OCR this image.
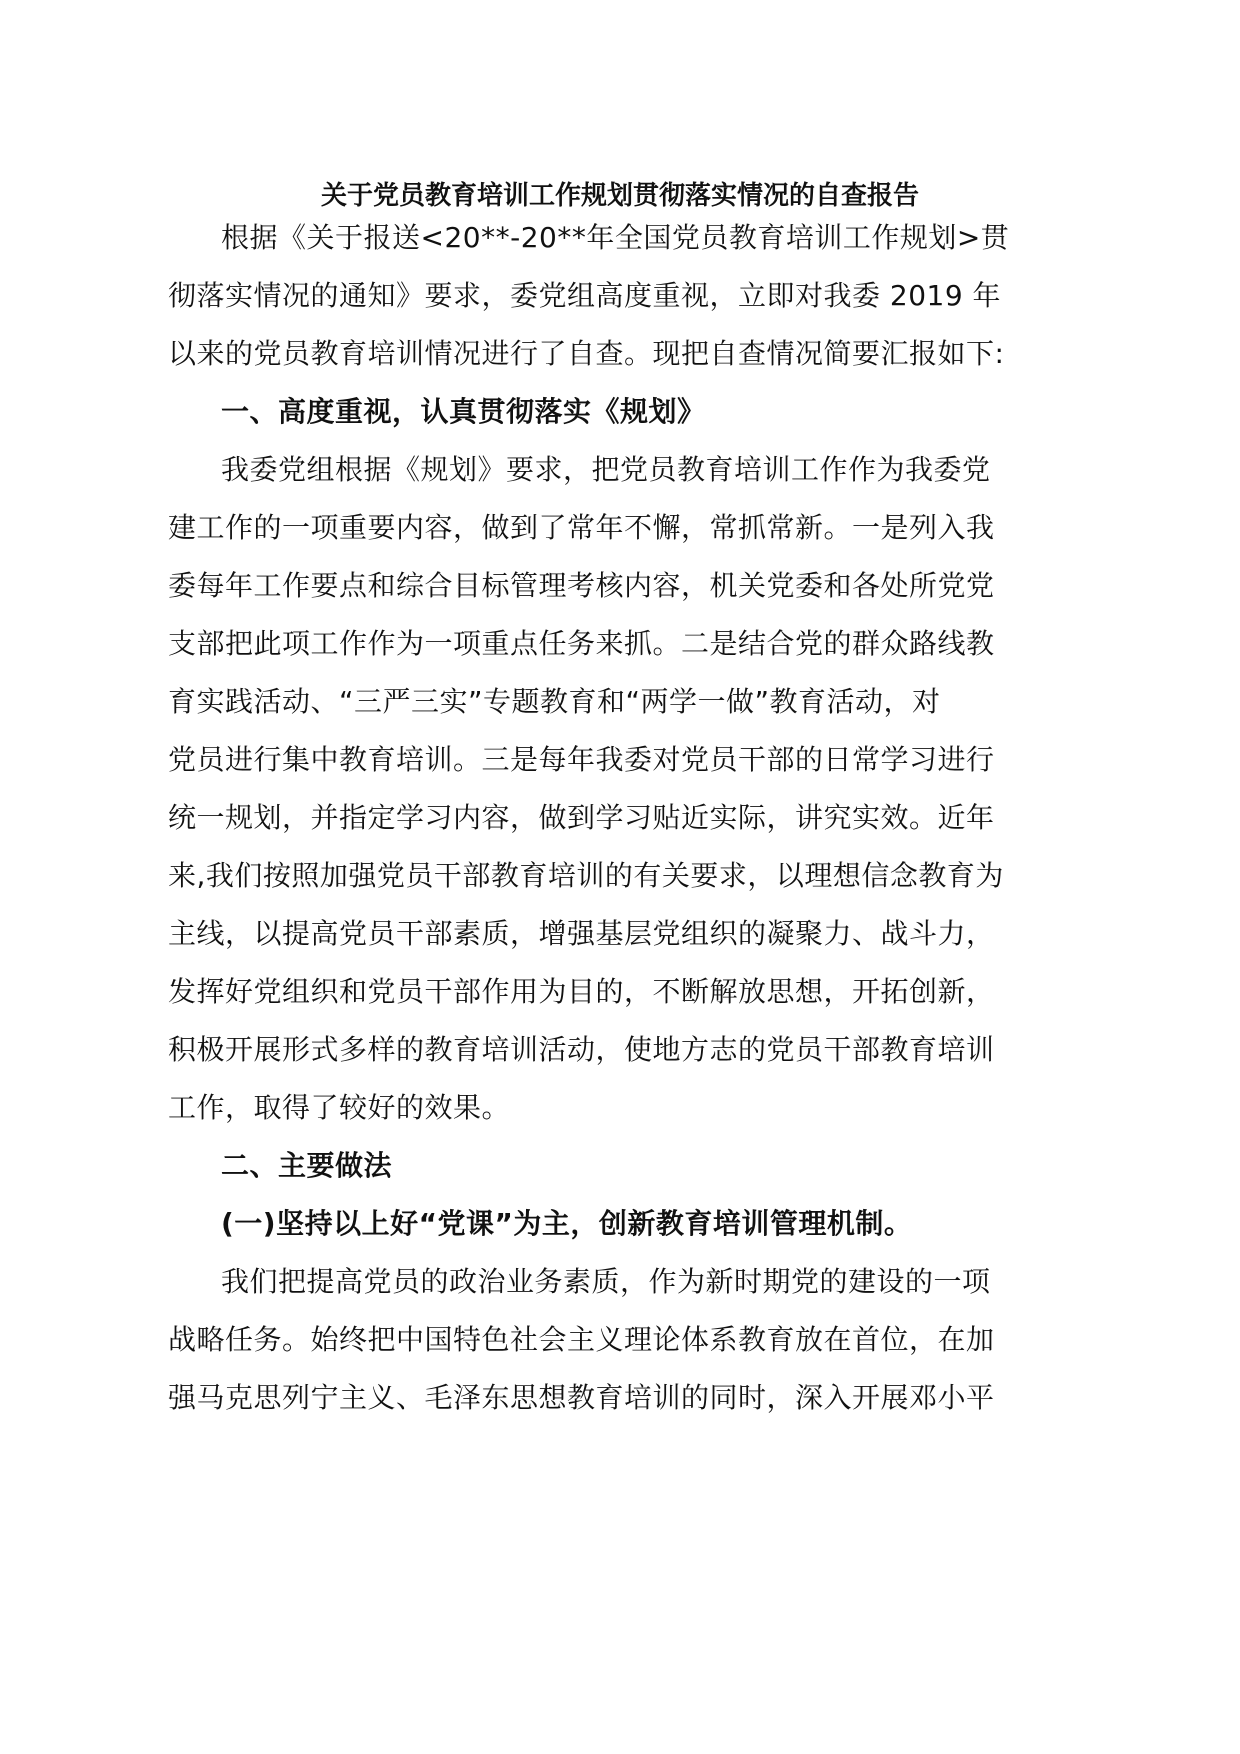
关于党员教育培训工作规划贯彻落实情况的自查报告
根据《关于报送<20**-20**年全国党员教育培训工作规划>贯
彻落实情况的通知》要求，委党组高度重视，立即对我委 2019 年
以来的党员教育培训情况进行了自查。现把自查情况简要汇报如下:
一、高度重视，认真贯彻落实《规划》
我委党组根据《规划》要求，把党员教育培训工作作为我委党
建工作的一项重要内容，做到了常年不懈，常抓常新。一是列入我
委每年工作要点和综合目标管理考核内容，机关党委和各处所党党
支部把此项工作作为一项重点任务来抓。二是结合党的群众路线教
育实践活动、“三严三实”专题教育和“两学一做”教育活动，对
党员进行集中教育培训。三是每年我委对党员干部的日常学习进行
统一规划，并指定学习内容，做到学习贴近实际，讲究实效。近年
来,我们按照加强党员干部教育培训的有关要求，以理想信念教育为
主线，以提高党员干部素质，增强基层党组织的凝聚力、战斗力，
发挥好党组织和党员干部作用为目的，不断解放思想，开拓创新，
积极开展形式多样的教育培训活动，使地方志的党员干部教育培训
工作，取得了较好的效果。
二、主要做法
(一)坚持以上好“党课”为主，创新教育培训管理机制。
我们把提高党员的政治业务素质，作为新时期党的建设的一项
战略任务。始终把中国特色社会主义理论体系教育放在首位，在加
强马克思列宁主义、毛泽东思想教育培训的同时，深入开展邓小平
